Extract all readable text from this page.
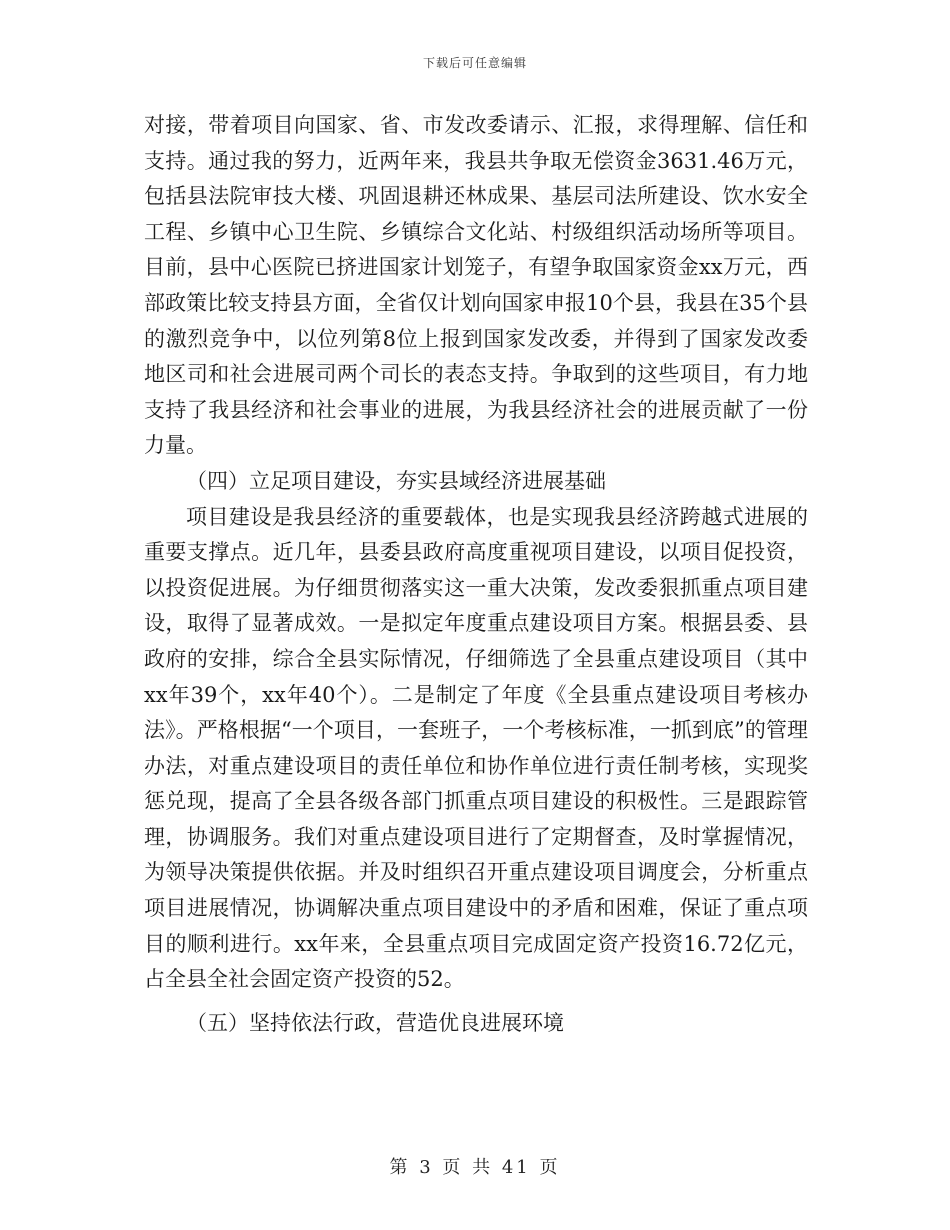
下载后可任意编辑

对接，带着项目向国家、省、市发改委请示、汇报，求得理解、信任和支持。通过我的努力，近两年来，我县共争取无偿资金3631.46万元，包括县法院审技大楼、巩固退耕还林成果、基层司法所建设、饮水安全工程、乡镇中心卫生院、乡镇综合文化站、村级组织活动场所等项目。目前，县中心医院已挤进国家计划笼子，有望争取国家资金xx万元，西部政策比较支持县方面，全省仅计划向国家申报10个县，我县在35个县的激烈竞争中，以位列第8位上报到国家发改委，并得到了国家发改委地区司和社会进展司两个司长的表态支持。争取到的这些项目，有力地支持了我县经济和社会事业的进展，为我县经济社会的进展贡献了一份力量。

（四）立足项目建设，夯实县域经济进展基础

项目建设是我县经济的重要载体，也是实现我县经济跨越式进展的重要支撑点。近几年，县委县政府高度重视项目建设，以项目促投资，以投资促进展。为仔细贯彻落实这一重大决策，发改委狠抓重点项目建设，取得了显著成效。一是拟定年度重点建设项目方案。根据县委、县政府的安排，综合全县实际情况，仔细筛选了全县重点建设项目（其中xx年39个，xx年40个）。二是制定了年度《全县重点建设项目考核办法》。严格根据“一个项目，一套班子，一个考核标准，一抓到底”的管理办法，对重点建设项目的责任单位和协作单位进行责任制考核，实现奖惩兑现，提高了全县各级各部门抓重点项目建设的积极性。三是跟踪管理，协调服务。我们对重点建设项目进行了定期督查，及时掌握情况，为领导决策提供依据。并及时组织召开重点建设项目调度会，分析重点项目进展情况，协调解决重点项目建设中的矛盾和困难，保证了重点项目的顺利进行。xx年来，全县重点项目完成固定资产投资16.72亿元，占全县全社会固定资产投资的52。

（五）坚持依法行政，营造优良进展环境

第 3 页 共 41 页
